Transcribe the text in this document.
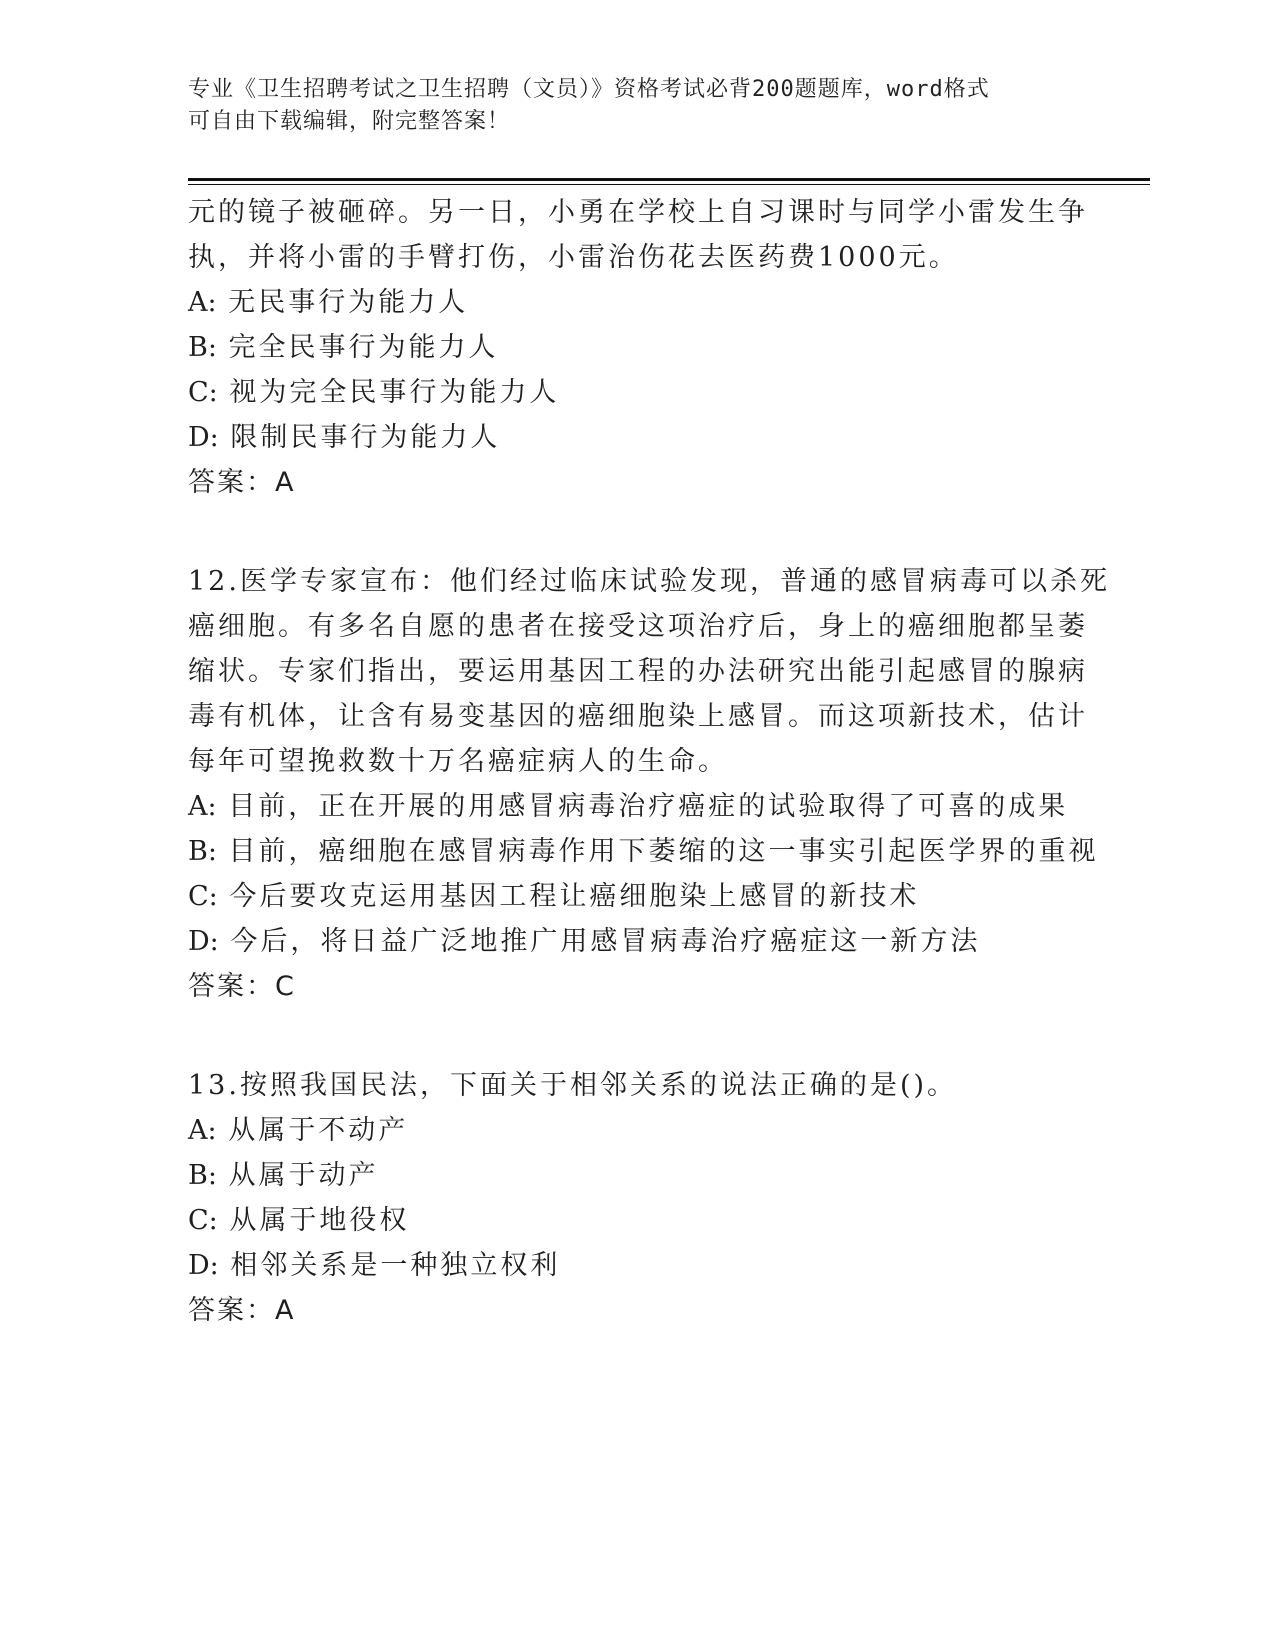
专业《卫生招聘考试之卫生招聘（文员）》资格考试必背200题题库，word格式
可自由下载编辑，附完整答案！
元的镜子被砸碎。另一日，小勇在学校上自习课时与同学小雷发生争
执，并将小雷的手臂打伤，小雷治伤花去医药费1000元。
A: 无民事行为能力人
B: 完全民事行为能力人
C: 视为完全民事行为能力人
D: 限制民事行为能力人
答案：A
12.医学专家宣布：他们经过临床试验发现，普通的感冒病毒可以杀死
癌细胞。有多名自愿的患者在接受这项治疗后，身上的癌细胞都呈萎
缩状。专家们指出，要运用基因工程的办法研究出能引起感冒的腺病
毒有机体，让含有易变基因的癌细胞染上感冒。而这项新技术，估计
每年可望挽救数十万名癌症病人的生命。
A: 目前，正在开展的用感冒病毒治疗癌症的试验取得了可喜的成果
B: 目前，癌细胞在感冒病毒作用下萎缩的这一事实引起医学界的重视
C: 今后要攻克运用基因工程让癌细胞染上感冒的新技术
D: 今后，将日益广泛地推广用感冒病毒治疗癌症这一新方法
答案：C
13.按照我国民法，下面关于相邻关系的说法正确的是()。
A: 从属于不动产
B: 从属于动产
C: 从属于地役权
D: 相邻关系是一种独立权利
答案：A
